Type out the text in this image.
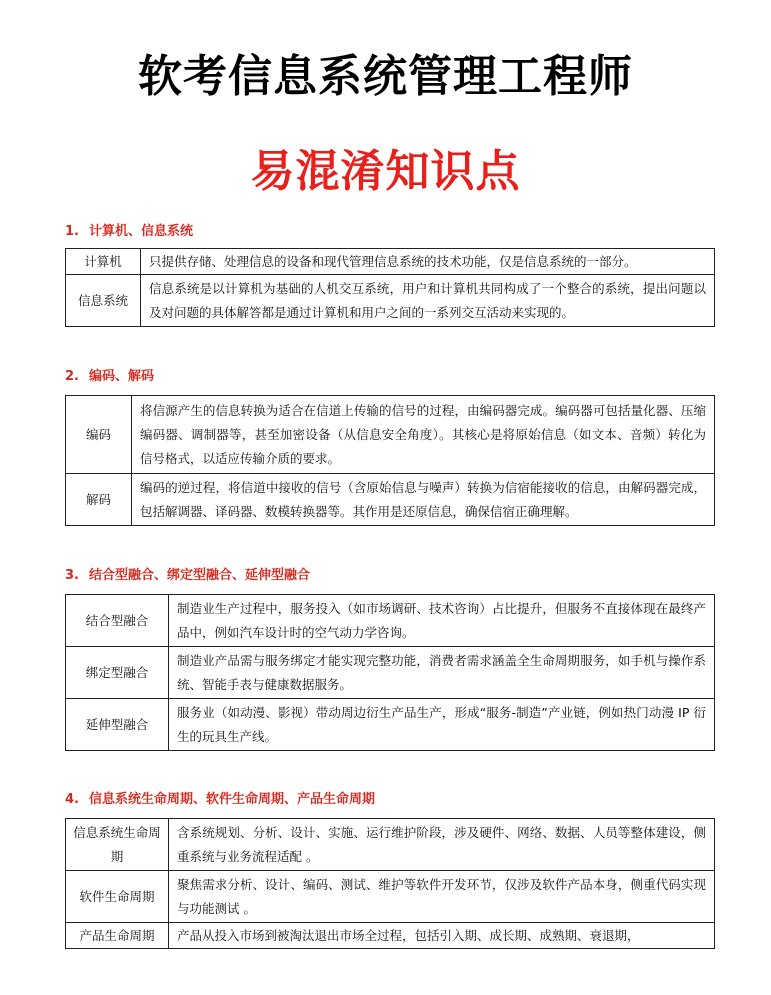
软考信息系统管理工程师
易混淆知识点
1. 计算机、信息系统
计算机	只提供存储、处理信息的设备和现代管理信息系统的技术功能，仅是信息系统的一部分。
信息系统	信息系统是以计算机为基础的人机交互系统，用户和计算机共同构成了一个整合的系统，提出问题以及对问题的具体解答都是通过计算机和用户之间的一系列交互活动来实现的。
2. 编码、解码
编码	将信源产生的信息转换为适合在信道上传输的信号的过程，由编码器完成。编码器可包括量化器、压缩编码器、调制器等，甚至加密设备（从信息安全角度）。其核心是将原始信息（如文本、音频）转化为信号格式，以适应传输介质的要求。
解码	编码的逆过程，将信道中接收的信号（含原始信息与噪声）转换为信宿能接收的信息，由解码器完成，包括解调器、译码器、数模转换器等。其作用是还原信息，确保信宿正确理解。
3. 结合型融合、绑定型融合、延伸型融合
结合型融合	制造业生产过程中，服务投入（如市场调研、技术咨询）占比提升，但服务不直接体现在最终产品中，例如汽车设计时的空气动力学咨询。
绑定型融合	制造业产品需与服务绑定才能实现完整功能，消费者需求涵盖全生命周期服务，如手机与操作系统、智能手表与健康数据服务。
延伸型融合	服务业（如动漫、影视）带动周边衍生产品生产，形成“服务-制造”产业链，例如热门动漫 IP 衍生的玩具生产线。
4. 信息系统生命周期、软件生命周期、产品生命周期
信息系统生命周期	含系统规划、分析、设计、实施、运行维护阶段，涉及硬件、网络、数据、人员等整体建设，侧重系统与业务流程适配 。
软件生命周期	聚焦需求分析、设计、编码、测试、维护等软件开发环节，仅涉及软件产品本身，侧重代码实现与功能测试 。
产品生命周期	产品从投入市场到被淘汰退出市场全过程，包括引入期、成长期、成熟期、衰退期，
